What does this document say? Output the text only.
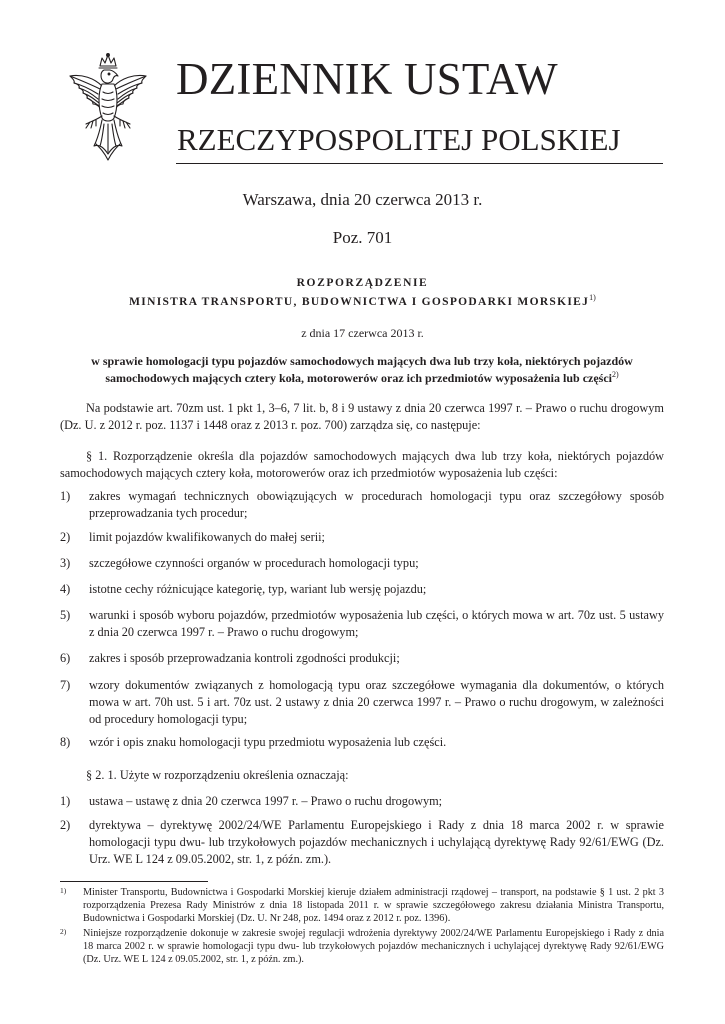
DZIENNIK USTAW
RZECZYPOSPOLITEJ POLSKIEJ
Warszawa, dnia 20 czerwca 2013 r.
Poz. 701
ROZPORZĄDZENIE
MINISTRA TRANSPORTU, BUDOWNICTWA I GOSPODARKI MORSKIEJ$^{1)}$
z dnia 17 czerwca 2013 r.
w sprawie homologacji typu pojazdów samochodowych mających dwa lub trzy koła, niektórych pojazdów
samochodowych mających cztery koła, motorowerów oraz ich przedmiotów wyposażenia lub części$^{2)}$

Na podstawie art. 70zm ust. 1 pkt 1, 3–6, 7 lit. b, 8 i 9 ustawy z dnia 20 czerwca 1997 r. – Prawo o ruchu drogowym (Dz. U. z 2012 r. poz. 1137 i 1448 oraz z 2013 r. poz. 700) zarządza się, co następuje:

§ 1. Rozporządzenie określa dla pojazdów samochodowych mających dwa lub trzy koła, niektórych pojazdów samochodowych mających cztery koła, motorowerów oraz ich przedmiotów wyposażenia lub części:

1)	zakres wymagań technicznych obowiązujących w procedurach homologacji typu oraz szczegółowy sposób przeprowadzania tych procedur;
2)	limit pojazdów kwalifikowanych do małej serii;
3)	szczegółowe czynności organów w procedurach homologacji typu;
4)	istotne cechy różnicujące kategorię, typ, wariant lub wersję pojazdu;
5)	warunki i sposób wyboru pojazdów, przedmiotów wyposażenia lub części, o których mowa w art. 70z ust. 5 ustawy z dnia 20 czerwca 1997 r. – Prawo o ruchu drogowym;
6)	zakres i sposób przeprowadzania kontroli zgodności produkcji;
7)	wzory dokumentów związanych z homologacją typu oraz szczegółowe wymagania dla dokumentów, o których mowa w art. 70h ust. 5 i art. 70z ust. 2 ustawy z dnia 20 czerwca 1997 r. – Prawo o ruchu drogowym, w zależności od procedury homologacji typu;
8)	wzór i opis znaku homologacji typu przedmiotu wyposażenia lub części.

§ 2. 1. Użyte w rozporządzeniu określenia oznaczają:

1)	ustawa – ustawę z dnia 20 czerwca 1997 r. – Prawo o ruchu drogowym;
2)	dyrektywa – dyrektywę 2002/24/WE Parlamentu Europejskiego i Rady z dnia 18 marca 2002 r. w sprawie homologacji typu dwu- lub trzykołowych pojazdów mechanicznych i uchylającą dyrektywę Rady 92/61/EWG (Dz. Urz. WE L 124 z 09.05.2002, str. 1, z późn. zm.).
1) Minister Transportu, Budownictwa i Gospodarki Morskiej kieruje działem administracji rządowej – transport, na podstawie § 1 ust. 2 pkt 3 rozporządzenia Prezesa Rady Ministrów z dnia 18 listopada 2011 r. w sprawie szczegółowego zakresu działania Ministra Transportu, Budownictwa i Gospodarki Morskiej (Dz. U. Nr 248, poz. 1494 oraz z 2012 r. poz. 1396).
2) Niniejsze rozporządzenie dokonuje w zakresie swojej regulacji wdrożenia dyrektywy 2002/24/WE Parlamentu Europejskiego i Rady z dnia 18 marca 2002 r. w sprawie homologacji typu dwu- lub trzykołowych pojazdów mechanicznych i uchylającej dyrektywę Rady 92/61/EWG (Dz. Urz. WE L 124 z 09.05.2002, str. 1, z późn. zm.).
